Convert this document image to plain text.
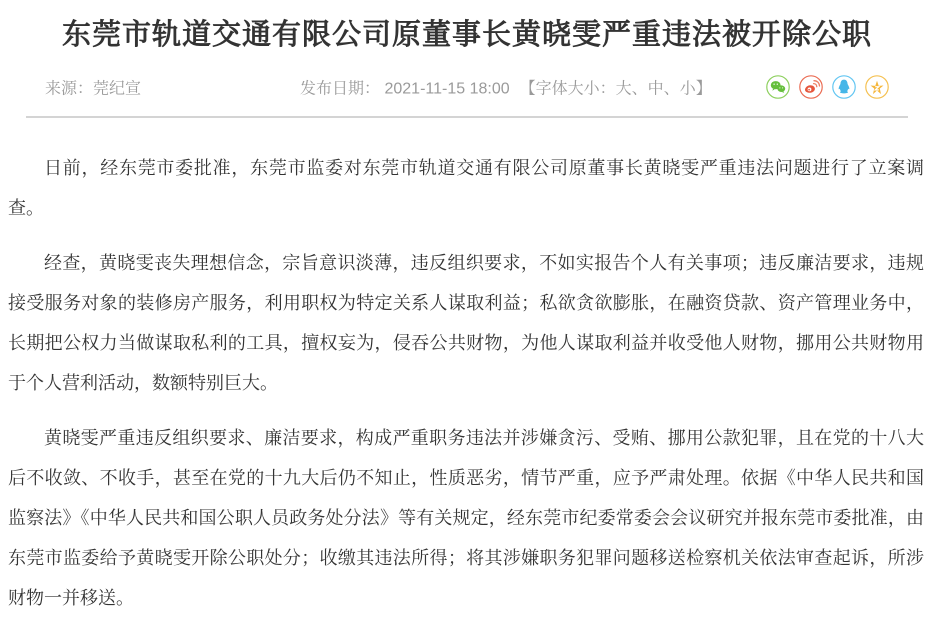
东莞市轨道交通有限公司原董事长黄晓雯严重违法被开除公职
来源：莞纪宣	发布日期： 2021-11-15 18:00 【字体大小：大、中、小】

日前，经东莞市委批准，东莞市监委对东莞市轨道交通有限公司原董事长黄晓雯严重违法问题进行了立案调查。

经查，黄晓雯丧失理想信念，宗旨意识淡薄，违反组织要求，不如实报告个人有关事项；违反廉洁要求，违规接受服务对象的装修房产服务，利用职权为特定关系人谋取利益；私欲贪欲膨胀，在融资贷款、资产管理业务中，长期把公权力当做谋取私利的工具，擅权妄为，侵吞公共财物，为他人谋取利益并收受他人财物，挪用公共财物用于个人营利活动，数额特别巨大。

黄晓雯严重违反组织要求、廉洁要求，构成严重职务违法并涉嫌贪污、受贿、挪用公款犯罪，且在党的十八大后不收敛、不收手，甚至在党的十九大后仍不知止，性质恶劣，情节严重，应予严肃处理。依据《中华人民共和国监察法》《中华人民共和国公职人员政务处分法》等有关规定，经东莞市纪委常委会会议研究并报东莞市委批准，由东莞市监委给予黄晓雯开除公职处分；收缴其违法所得；将其涉嫌职务犯罪问题移送检察机关依法审查起诉，所涉财物一并移送。
